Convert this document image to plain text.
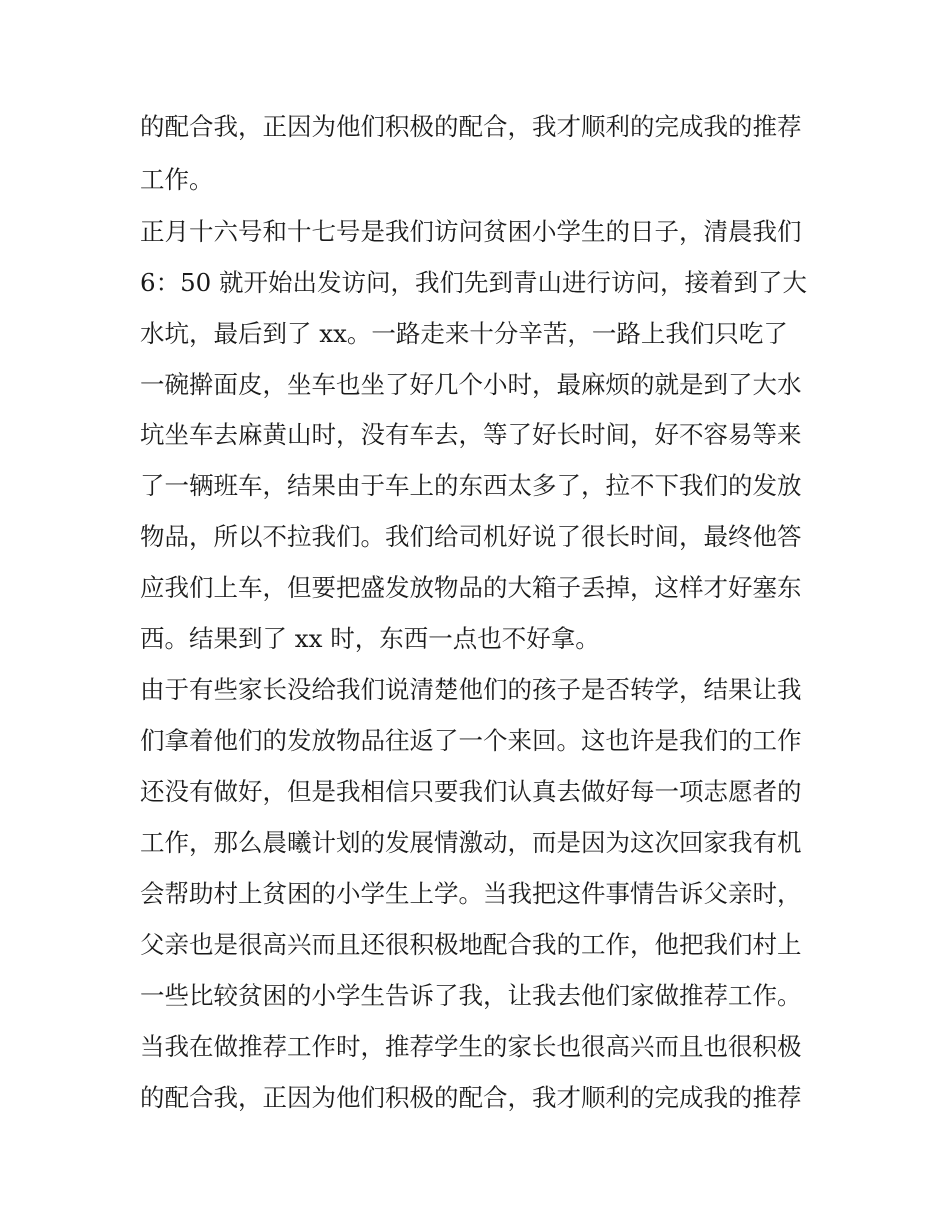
的配合我，正因为他们积极的配合，我才顺利的完成我的推荐
工作。
正月十六号和十七号是我们访问贫困小学生的日子，清晨我们
6：50 就开始出发访问，我们先到青山进行访问，接着到了大
水坑，最后到了 xx。一路走来十分辛苦，一路上我们只吃了
一碗擀面皮，坐车也坐了好几个小时，最麻烦的就是到了大水
坑坐车去麻黄山时，没有车去，等了好长时间，好不容易等来
了一辆班车，结果由于车上的东西太多了，拉不下我们的发放
物品，所以不拉我们。我们给司机好说了很长时间，最终他答
应我们上车，但要把盛发放物品的大箱子丢掉，这样才好塞东
西。结果到了 xx 时，东西一点也不好拿。
由于有些家长没给我们说清楚他们的孩子是否转学，结果让我
们拿着他们的发放物品往返了一个来回。这也许是我们的工作
还没有做好，但是我相信只要我们认真去做好每一项志愿者的
工作，那么晨曦计划的发展情激动，而是因为这次回家我有机
会帮助村上贫困的小学生上学。当我把这件事情告诉父亲时，
父亲也是很高兴而且还很积极地配合我的工作，他把我们村上
一些比较贫困的小学生告诉了我，让我去他们家做推荐工作。
当我在做推荐工作时，推荐学生的家长也很高兴而且也很积极
的配合我，正因为他们积极的配合，我才顺利的完成我的推荐
